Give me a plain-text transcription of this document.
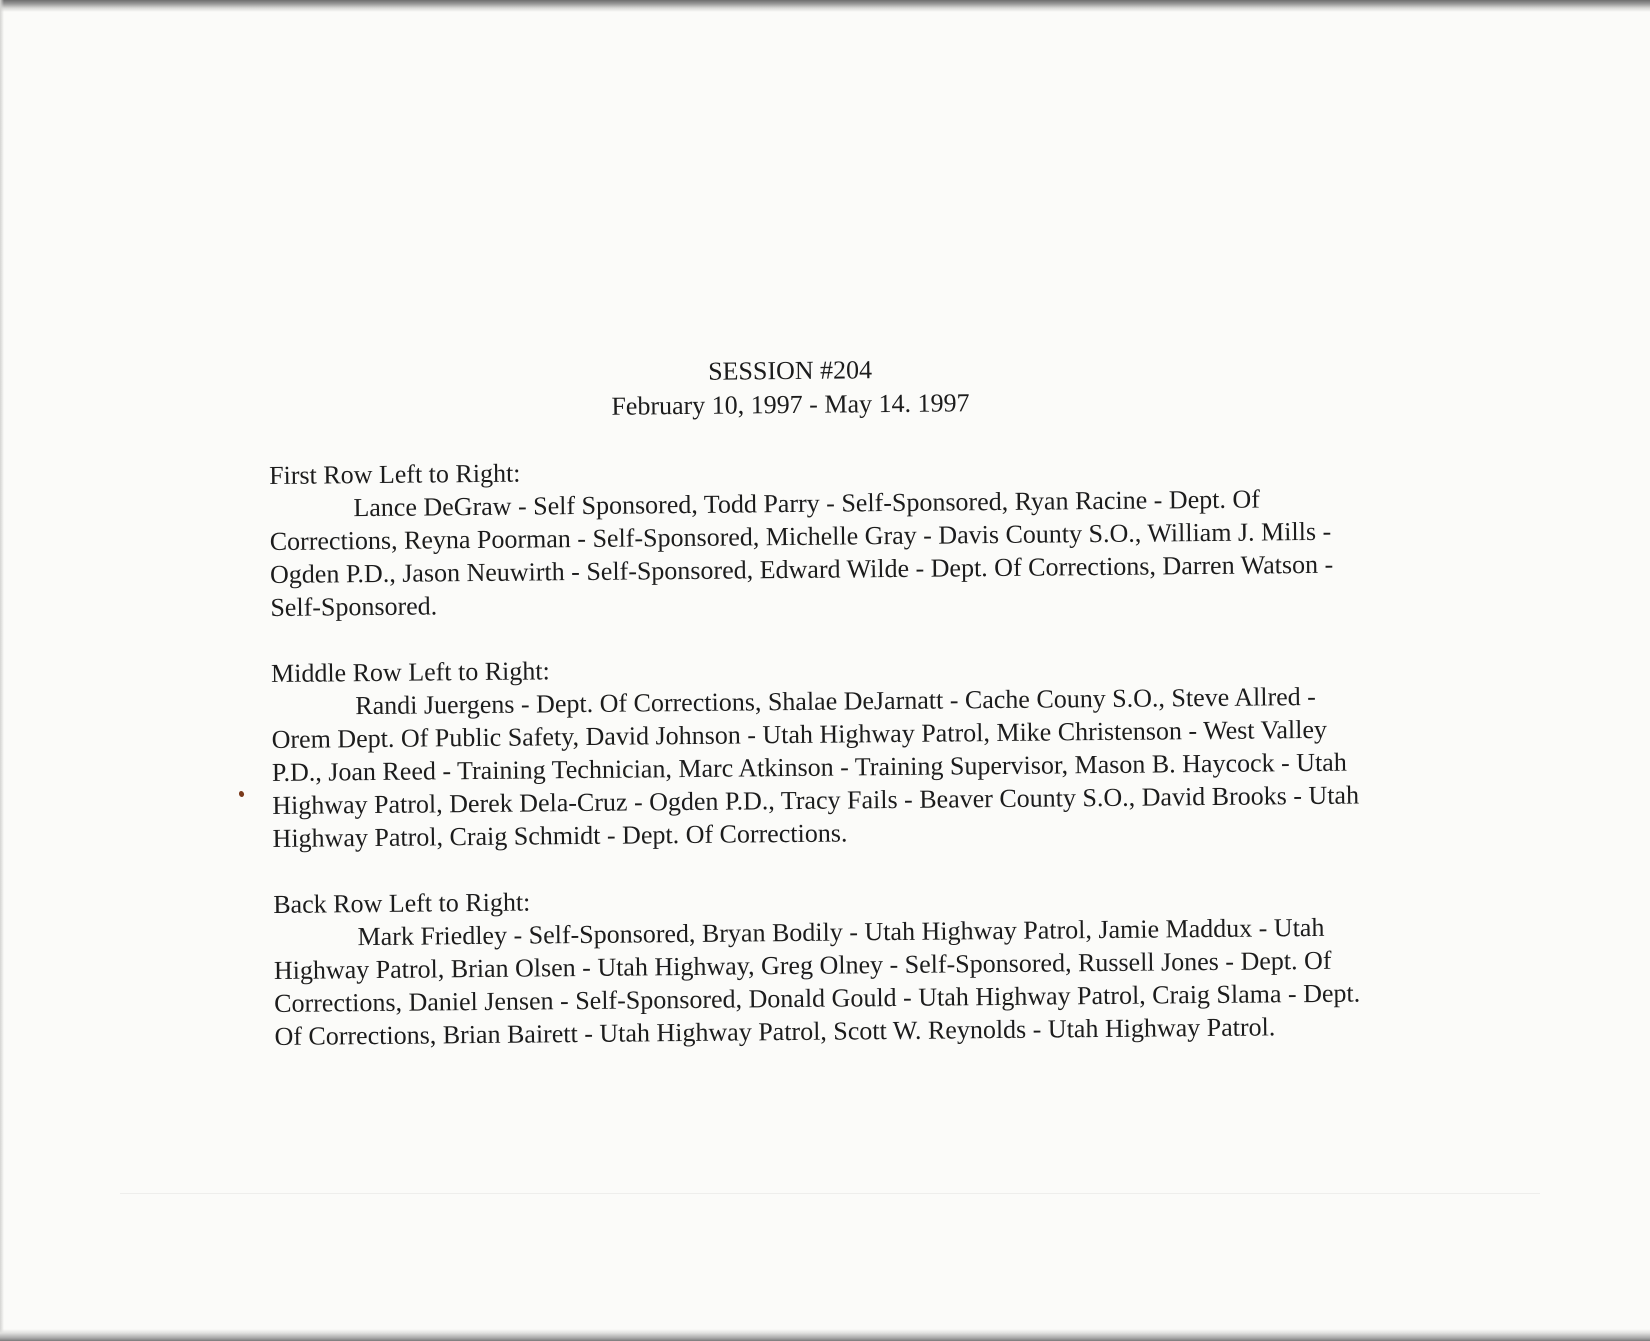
SESSION #204
February 10, 1997 - May 14. 1997
First Row Left to Right:
Lance DeGraw - Self Sponsored, Todd Parry - Self-Sponsored, Ryan Racine - Dept. Of Corrections, Reyna Poorman - Self-Sponsored, Michelle Gray - Davis County S.O., William J. Mills - Ogden P.D., Jason Neuwirth - Self-Sponsored, Edward Wilde - Dept. Of Corrections, Darren Watson - Self-Sponsored.
Middle Row Left to Right:
Randi Juergens - Dept. Of Corrections, Shalae DeJarnatt - Cache Couny S.O., Steve Allred - Orem Dept. Of Public Safety, David Johnson - Utah Highway Patrol, Mike Christenson - West Valley P.D., Joan Reed - Training Technician, Marc Atkinson - Training Supervisor, Mason B. Haycock - Utah Highway Patrol, Derek Dela-Cruz - Ogden P.D., Tracy Fails - Beaver County S.O., David Brooks - Utah Highway Patrol, Craig Schmidt - Dept. Of Corrections.
Back Row Left to Right:
Mark Friedley - Self-Sponsored, Bryan Bodily - Utah Highway Patrol, Jamie Maddux - Utah Highway Patrol, Brian Olsen - Utah Highway, Greg Olney - Self-Sponsored, Russell Jones - Dept. Of Corrections, Daniel Jensen - Self-Sponsored, Donald Gould - Utah Highway Patrol, Craig Slama - Dept. Of Corrections, Brian Bairett - Utah Highway Patrol, Scott W. Reynolds - Utah Highway Patrol.
